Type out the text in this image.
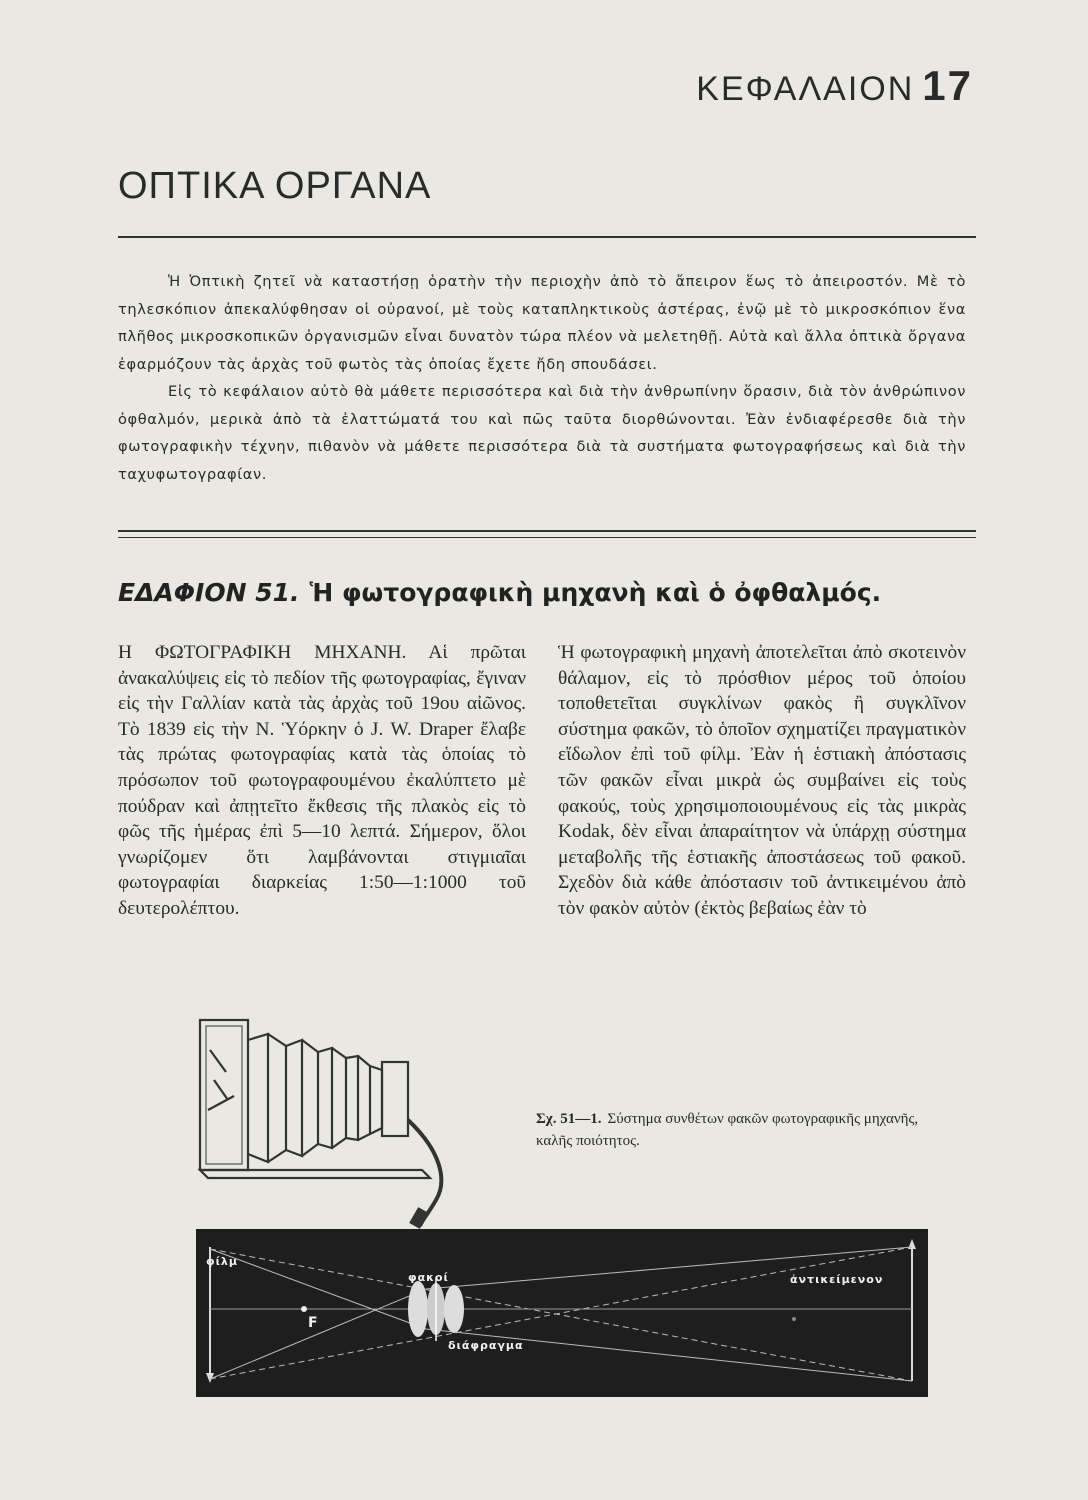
ΚΕΦΑΛΑΙΟΝ 17
ΟΠΤΙΚΑ ΟΡΓΑΝΑ

Ἡ Ὀπτικὴ ζητεῖ νὰ καταστήσῃ ὁρατὴν τὴν περιοχὴν ἀπὸ τὸ ἄπειρον ἕως τὸ ἀπειροστόν. Μὲ τὸ τηλεσκόπιον ἀπεκαλύφθησαν οἱ οὐρανοί, μὲ τοὺς καταπληκτικοὺς ἀστέρας, ἐνῷ μὲ τὸ μικροσκόπιον ἕνα πλῆθος μικροσκοπικῶν ὀργανισμῶν εἶναι δυνατὸν τώρα πλέον νὰ μελετηθῇ. Αὐτὰ καὶ ἄλλα ὀπτικὰ ὄργανα ἐφαρμόζουν τὰς ἀρχὰς τοῦ φωτὸς τὰς ὁποίας ἔχετε ἤδη σπουδάσει.

Εἰς τὸ κεφάλαιον αὐτὸ θὰ μάθετε περισσότερα καὶ διὰ τὴν ἀνθρωπίνην ὅρασιν, διὰ τὸν ἀνθρώπινον ὀφθαλμόν, μερικὰ ἀπὸ τὰ ἐλαττώματά του καὶ πῶς ταῦτα διορθώνονται. Ἐὰν ἐνδιαφέρεσθε διὰ τὴν φωτογραφικὴν τέχνην, πιθανὸν νὰ μάθετε περισσότερα διὰ τὰ συστήματα φωτογραφήσεως καὶ διὰ τὴν ταχυφωτογραφίαν.

ΕΔΑΦΙΟΝ 51. Ἡ φωτογραφικὴ μηχανὴ καὶ ὁ ὀφθαλμός.

Η ΦΩΤΟΓΡΑΦΙΚΗ ΜΗΧΑΝΗ. Αἱ πρῶται ἀνακαλύψεις εἰς τὸ πεδίον τῆς φωτογραφίας, ἔγιναν εἰς τὴν Γαλλίαν κατὰ τὰς ἀρχὰς τοῦ 19ου αἰῶνος. Τὸ 1839 εἰς τὴν Ν. Ὑόρκην ὁ J. W. Draper ἔλαβε τὰς πρώτας φωτογραφίας κατὰ τὰς ὁποίας τὸ πρόσωπον τοῦ φωτογραφουμένου ἐκαλύπτετο μὲ πούδραν καὶ ἀπῃτεῖτο ἔκθεσις τῆς πλακὸς εἰς τὸ φῶς τῆς ἡμέρας ἐπὶ 5—10 λεπτά. Σήμερον, ὅλοι γνωρίζομεν ὅτι λαμβάνονται στιγμιαῖαι φωτογραφίαι διαρκείας 1:50—1:1000 τοῦ δευτερολέπτου.

Ἡ φωτογραφικὴ μηχανὴ ἀποτελεῖται ἀπὸ σκοτεινὸν θάλαμον, εἰς τὸ πρόσθιον μέρος τοῦ ὁποίου τοποθετεῖται συγκλίνων φακὸς ἢ συγκλῖνον σύστημα φακῶν, τὸ ὁποῖον σχηματίζει πραγματικὸν εἴδωλον ἐπὶ τοῦ φίλμ. Ἐὰν ἡ ἑστιακὴ ἀπόστασις τῶν φακῶν εἶναι μικρὰ ὡς συμβαίνει εἰς τοὺς φακούς, τοὺς χρησιμοποιουμένους εἰς τὰς μικρὰς Kodak, δὲν εἶναι ἀπαραίτητον νὰ ὑπάρχῃ σύστημα μεταβολῆς τῆς ἑστιακῆς ἀποστάσεως τοῦ φακοῦ. Σχεδὸν διὰ κάθε ἀπόστασιν τοῦ ἀντικειμένου ἀπὸ τὸν φακὸν αὐτὸν (ἐκτὸς βεβαίως ἐὰν τὸ

Σχ. 51—1. Σύστημα συνθέτων φακῶν φωτογραφικῆς μηχανῆς, καλῆς ποιότητος.
φίλμ
φακοί	ἀντικείμενον
F
διάφραγμα
